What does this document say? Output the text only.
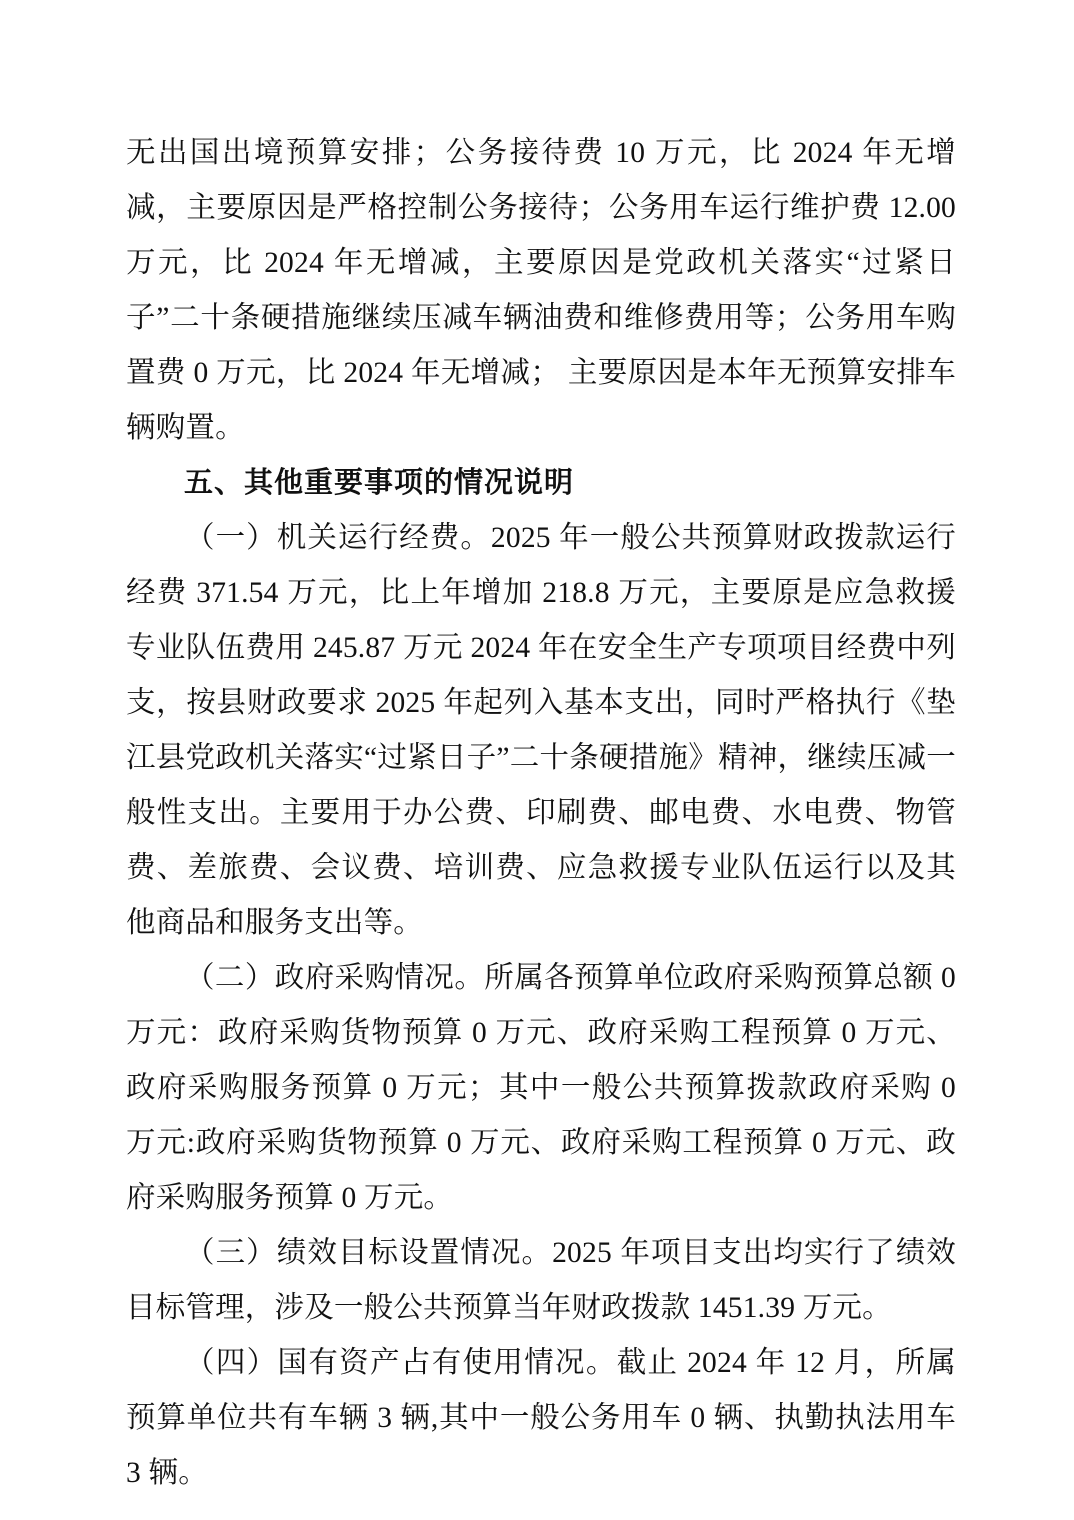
无出国出境预算安排；公务接待费 10 万元，比 2024 年无增减，主要原因是严格控制公务接待；公务用车运行维护费 12.00 万元，比 2024 年无增减，主要原因是党政机关落实“过紧日子”二十条硬措施继续压减车辆油费和维修费用等；公务用车购置费 0 万元，比 2024 年无增减； 主要原因是本年无预算安排车辆购置。

五、其他重要事项的情况说明

（一）机关运行经费。2025 年一般公共预算财政拨款运行经费 371.54 万元，比上年增加 218.8 万元，主要原是应急救援专业队伍费用 245.87 万元 2024 年在安全生产专项项目经费中列支，按县财政要求 2025 年起列入基本支出，同时严格执行《垫江县党政机关落实“过紧日子”二十条硬措施》精神，继续压减一般性支出。主要用于办公费、印刷费、邮电费、水电费、物管费、差旅费、会议费、培训费、应急救援专业队伍运行以及其他商品和服务支出等。

（二）政府采购情况。所属各预算单位政府采购预算总额 0 万元：政府采购货物预算 0 万元、政府采购工程预算 0 万元、政府采购服务预算 0 万元；其中一般公共预算拨款政府采购 0 万元:政府采购货物预算 0 万元、政府采购工程预算 0 万元、政府采购服务预算 0 万元。

（三）绩效目标设置情况。2025 年项目支出均实行了绩效目标管理，涉及一般公共预算当年财政拨款 1451.39 万元。

（四）国有资产占有使用情况。截止 2024 年 12 月，所属预算单位共有车辆 3 辆,其中一般公务用车 0 辆、执勤执法用车 3 辆。
